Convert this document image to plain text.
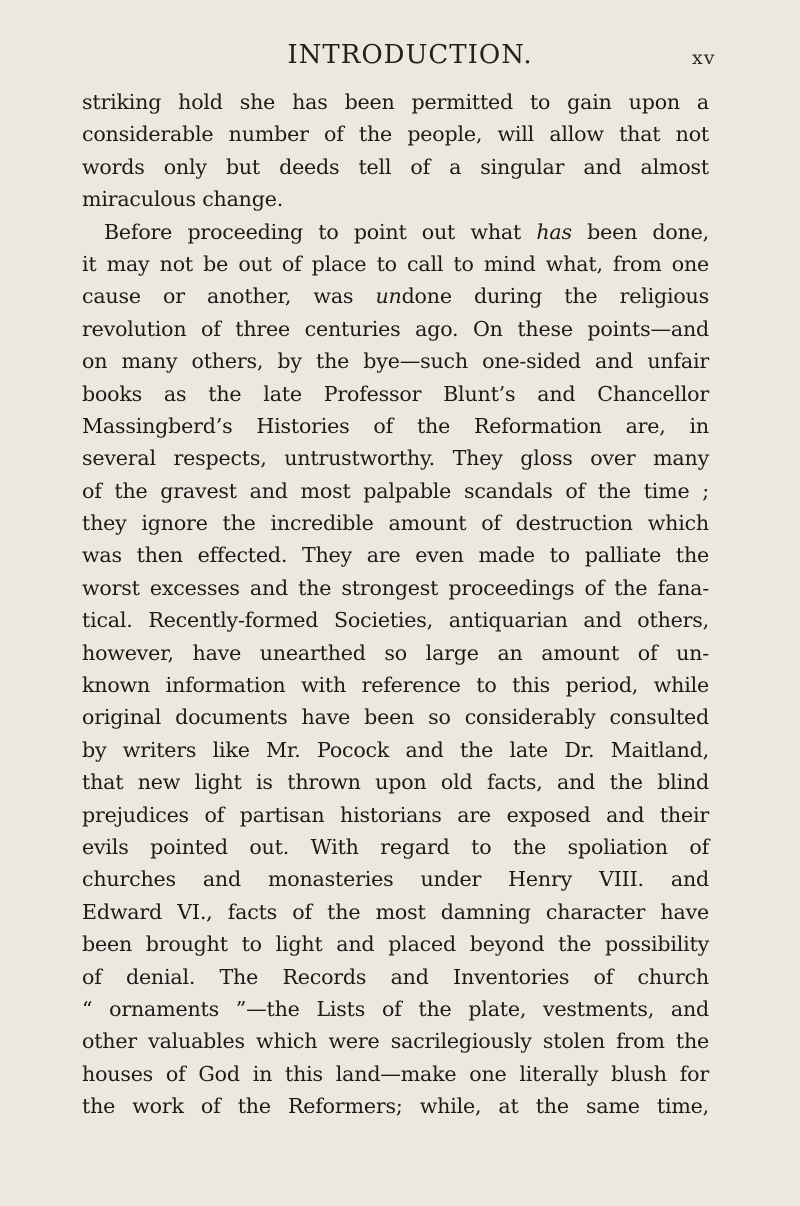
INTRODUCTION.	xv
striking hold she has been permitted to gain upon a
considerable number of the people, will allow that not
words only but deeds tell of a singular and almost
miraculous change.
Before proceeding to point out what has been done,
it may not be out of place to call to mind what, from one
cause or another, was undone during the religious
revolution of three centuries ago. On these points—and
on many others, by the bye—such one-sided and unfair
books as the late Professor Blunt’s and Chancellor
Massingberd’s Histories of the Reformation are, in
several respects, untrustworthy. They gloss over many
of the gravest and most palpable scandals of the time ;
they ignore the incredible amount of destruction which
was then effected. They are even made to palliate the
worst excesses and the strongest proceedings of the fana-
tical. Recently-formed Societies, antiquarian and others,
however, have unearthed so large an amount of un-
known information with reference to this period, while
original documents have been so considerably consulted
by writers like Mr. Pocock and the late Dr. Maitland,
that new light is thrown upon old facts, and the blind
prejudices of partisan historians are exposed and their
evils pointed out. With regard to the spoliation of
churches and monasteries under Henry VIII. and
Edward VI., facts of the most damning character have
been brought to light and placed beyond the possibility
of denial. The Records and Inventories of church
“ ornaments ”—the Lists of the plate, vestments, and
other valuables which were sacrilegiously stolen from the
houses of God in this land—make one literally blush for
the work of the Reformers; while, at the same time,
